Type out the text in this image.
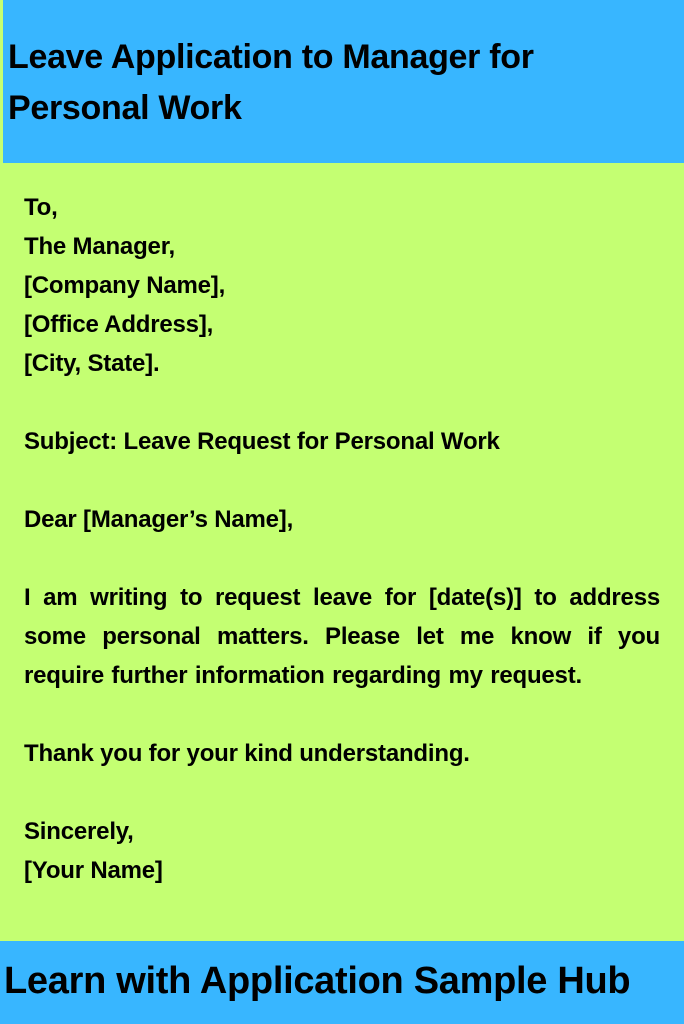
Leave Application to Manager for Personal Work
To,
The Manager,
[Company Name],
[Office Address],
[City, State].
Subject: Leave Request for Personal Work
Dear [Manager’s Name],
I am writing to request leave for [date(s)] to address some personal matters. Please let me know if you require further information regarding my request.
Thank you for your kind understanding.
Sincerely,
[Your Name]

Learn with Application Sample Hub
